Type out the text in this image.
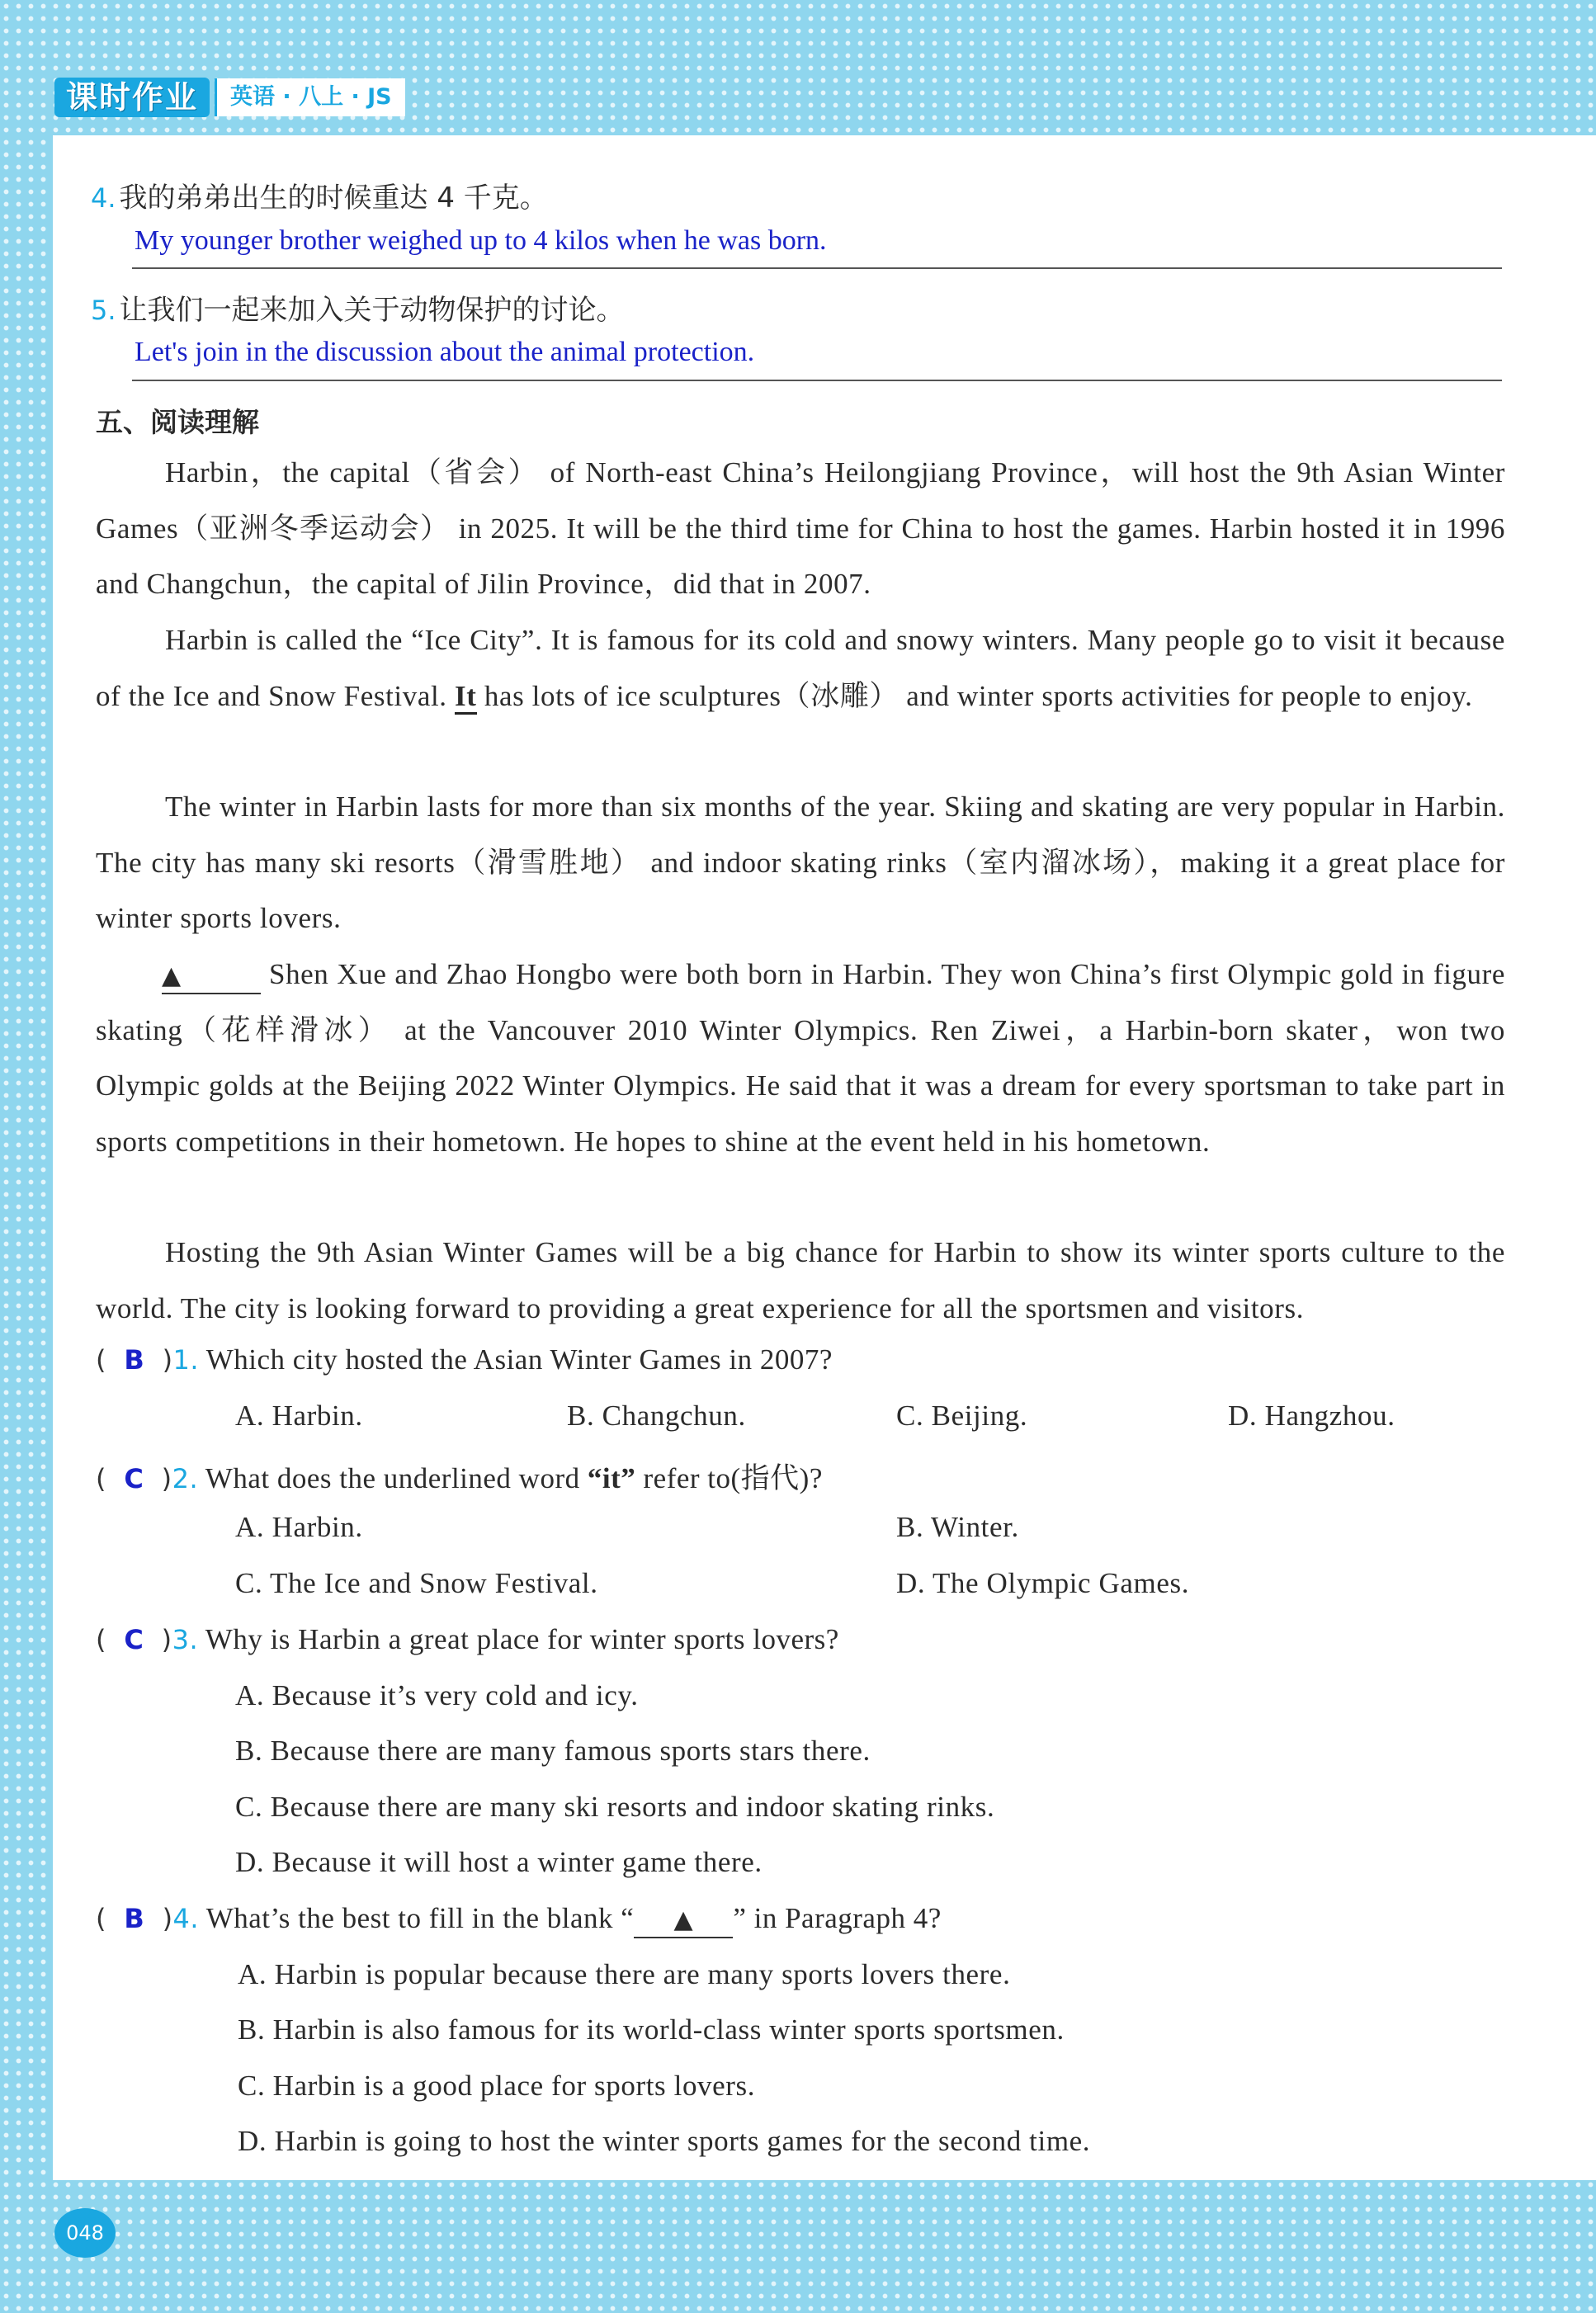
课时作业	英语 · 八上 · JS
4. 我的弟弟出生的时候重达 4 千克。
My younger brother weighed up to 4 kilos when he was born.
5. 让我们一起来加入关于动物保护的讨论。
Let's join in the discussion about the animal protection.
五、阅读理解
Harbin，the capital（省会） of North-east China’s Heilongjiang Province，will host the 9th Asian Winter Games（亚洲冬季运动会） in 2025. It will be the third time for China to host the games. Harbin hosted it in 1996 and Changchun，the capital of Jilin Province，did that in 2007.
Harbin is called the “Ice City”. It is famous for its cold and snowy winters. Many people go to visit it because of the Ice and Snow Festival. It has lots of ice sculptures（冰雕） and winter sports activities for people to enjoy.
The winter in Harbin lasts for more than six months of the year. Skiing and skating are very popular in Harbin. The city has many ski resorts（滑雪胜地） and indoor skating rinks（室内溜冰场），making it a great place for winter sports lovers.
▲	Shen Xue and Zhao Hongbo were both born in Harbin. They won China’s first Olympic gold in figure skating（花样滑冰） at the Vancouver 2010 Winter Olympics. Ren Ziwei，a Harbin-born skater，won two Olympic golds at the Beijing 2022 Winter Olympics. He said that it was a dream for every sportsman to take part in sports competitions in their hometown. He hopes to shine at the event held in his hometown.
Hosting the 9th Asian Winter Games will be a big chance for Harbin to show its winter sports culture to the world. The city is looking forward to providing a great experience for all the sportsmen and visitors.
(  B  )1. Which city hosted the Asian Winter Games in 2007?
A. Harbin.	B. Changchun.	C. Beijing.	D. Hangzhou.
(  C  )2. What does the underlined word “it” refer to(指代)?
A. Harbin.	B. Winter.
C. The Ice and Snow Festival.	D. The Olympic Games.
(  C  )3. Why is Harbin a great place for winter sports lovers?
A. Because it’s very cold and icy.
B. Because there are many famous sports stars there.
C. Because there are many ski resorts and indoor skating rinks.
D. Because it will host a winter game there.
(  B  )4. What’s the best to fill in the blank “ ▲ ” in Paragraph 4?
A. Harbin is popular because there are many sports lovers there.
B. Harbin is also famous for its world-class winter sports sportsmen.
C. Harbin is a good place for sports lovers.
D. Harbin is going to host the winter sports games for the second time.
048
